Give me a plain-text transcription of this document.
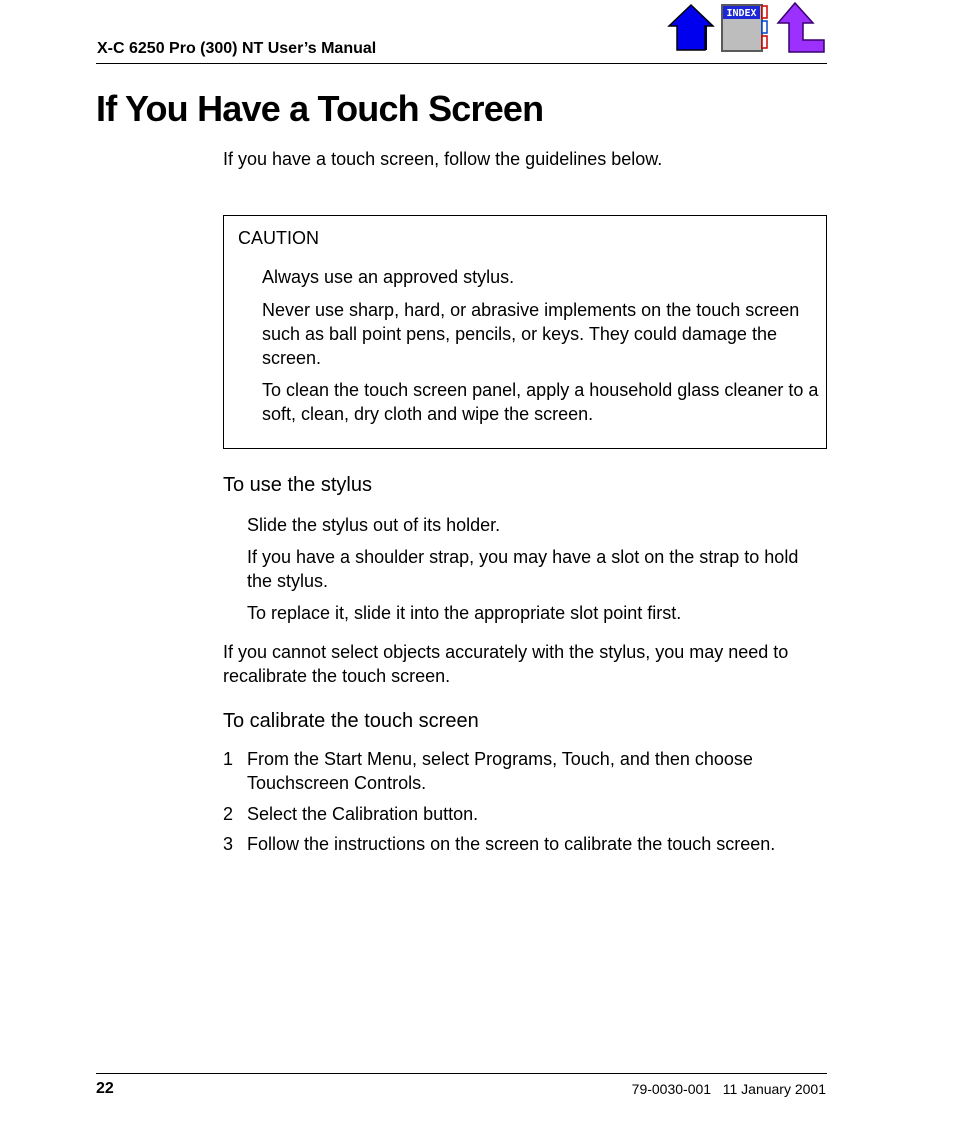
X-C 6250 Pro (300) NT User’s Manual
INDEX
If You Have a Touch Screen
If you have a touch screen, follow the guidelines below.
CAUTION
Always use an approved stylus.
Never use sharp, hard, or abrasive implements on the touch screen such as ball point pens, pencils, or keys. They could damage the screen.
To clean the touch screen panel, apply a household glass cleaner to a soft, clean, dry cloth and wipe the screen.
To use the stylus
Slide the stylus out of its holder.
If you have a shoulder strap, you may have a slot on the strap to hold the stylus.
To replace it, slide it into the appropriate slot point first.
If you cannot select objects accurately with the stylus, you may need to recalibrate the touch screen.
To calibrate the touch screen
1 From the Start Menu, select Programs, Touch, and then choose Touchscreen Controls.
2 Select the Calibration button.
3 Follow the instructions on the screen to calibrate the touch screen.
22	79-0030-001 11 January 2001
